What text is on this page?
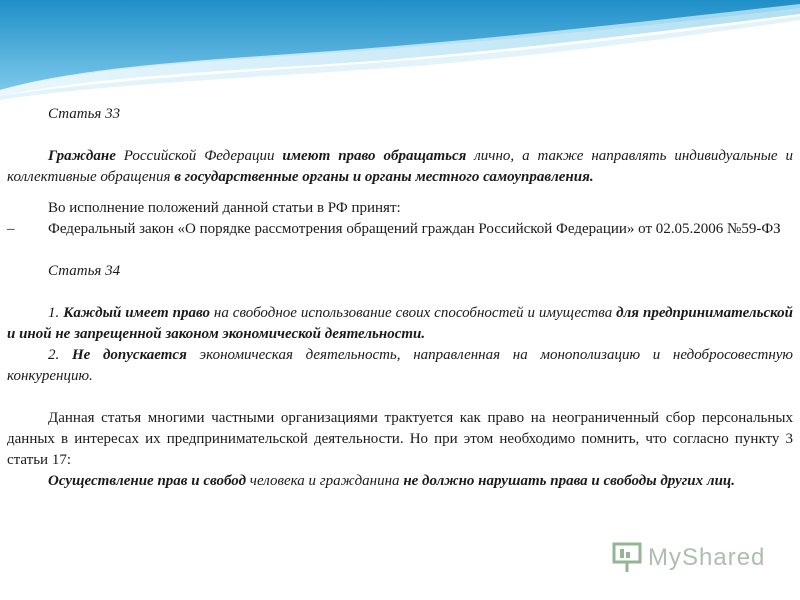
Статья 33
Граждане Российской Федерации имеют право обращаться лично, а также направлять индивидуальные и коллективные обращения в государственные органы и органы местного самоуправления.
Во исполнение положений данной статьи в РФ принят:
–	Федеральный закон «О порядке рассмотрения обращений граждан Российской Федерации» от 02.05.2006 №59-ФЗ
Статья 34
1. Каждый имеет право на свободное использование своих способностей и имущества для предпринимательской и иной не запрещенной законом экономической деятельности.
2. Не допускается экономическая деятельность, направленная на монополизацию и недобросовестную конкуренцию.
Данная статья многими частными организациями трактуется как право на неограниченный сбор персональных данных в интересах их предпринимательской деятельности. Но при этом необходимо помнить, что согласно пункту 3 статьи 17:
Осуществление прав и свобод человека и гражданина не должно нарушать права и свободы других лиц.
MyShared
